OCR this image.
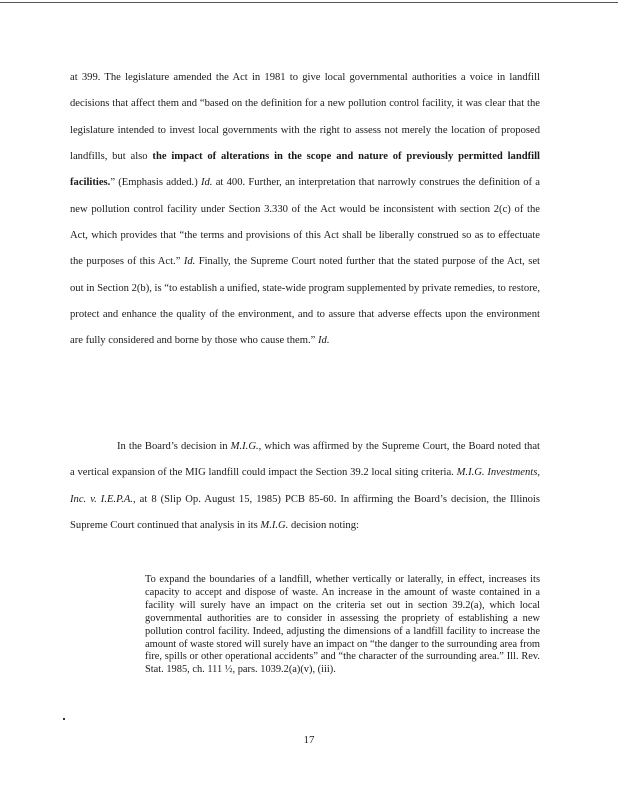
at 399. The legislature amended the Act in 1981 to give local governmental authorities a voice in landfill decisions that affect them and “based on the definition for a new pollution control facility, it was clear that the legislature intended to invest local governments with the right to assess not merely the location of proposed landfills, but also the impact of alterations in the scope and nature of previously permitted landfill facilities.” (Emphasis added.) Id. at 400. Further, an interpretation that narrowly construes the definition of a new pollution control facility under Section 3.330 of the Act would be inconsistent with section 2(c) of the Act, which provides that “the terms and provisions of this Act shall be liberally construed so as to effectuate the purposes of this Act.” Id. Finally, the Supreme Court noted further that the stated purpose of the Act, set out in Section 2(b), is “to establish a unified, state-wide program supplemented by private remedies, to restore, protect and enhance the quality of the environment, and to assure that adverse effects upon the environment are fully considered and borne by those who cause them.” Id.
In the Board’s decision in M.I.G., which was affirmed by the Supreme Court, the Board noted that a vertical expansion of the MIG landfill could impact the Section 39.2 local siting criteria. M.I.G. Investments, Inc. v. I.E.P.A., at 8 (Slip Op. August 15, 1985) PCB 85-60. In affirming the Board’s decision, the Illinois Supreme Court continued that analysis in its M.I.G. decision noting:
To expand the boundaries of a landfill, whether vertically or laterally, in effect, increases its capacity to accept and dispose of waste. An increase in the amount of waste contained in a facility will surely have an impact on the criteria set out in section 39.2(a), which local governmental authorities are to consider in assessing the propriety of establishing a new pollution control facility. Indeed, adjusting the dimensions of a landfill facility to increase the amount of waste stored will surely have an impact on “the danger to the surrounding area from fire, spills or other operational accidents” and “the character of the surrounding area.” Ill. Rev. Stat. 1985, ch. 111 ½, pars. 1039.2(a)(v), (iii).
17
